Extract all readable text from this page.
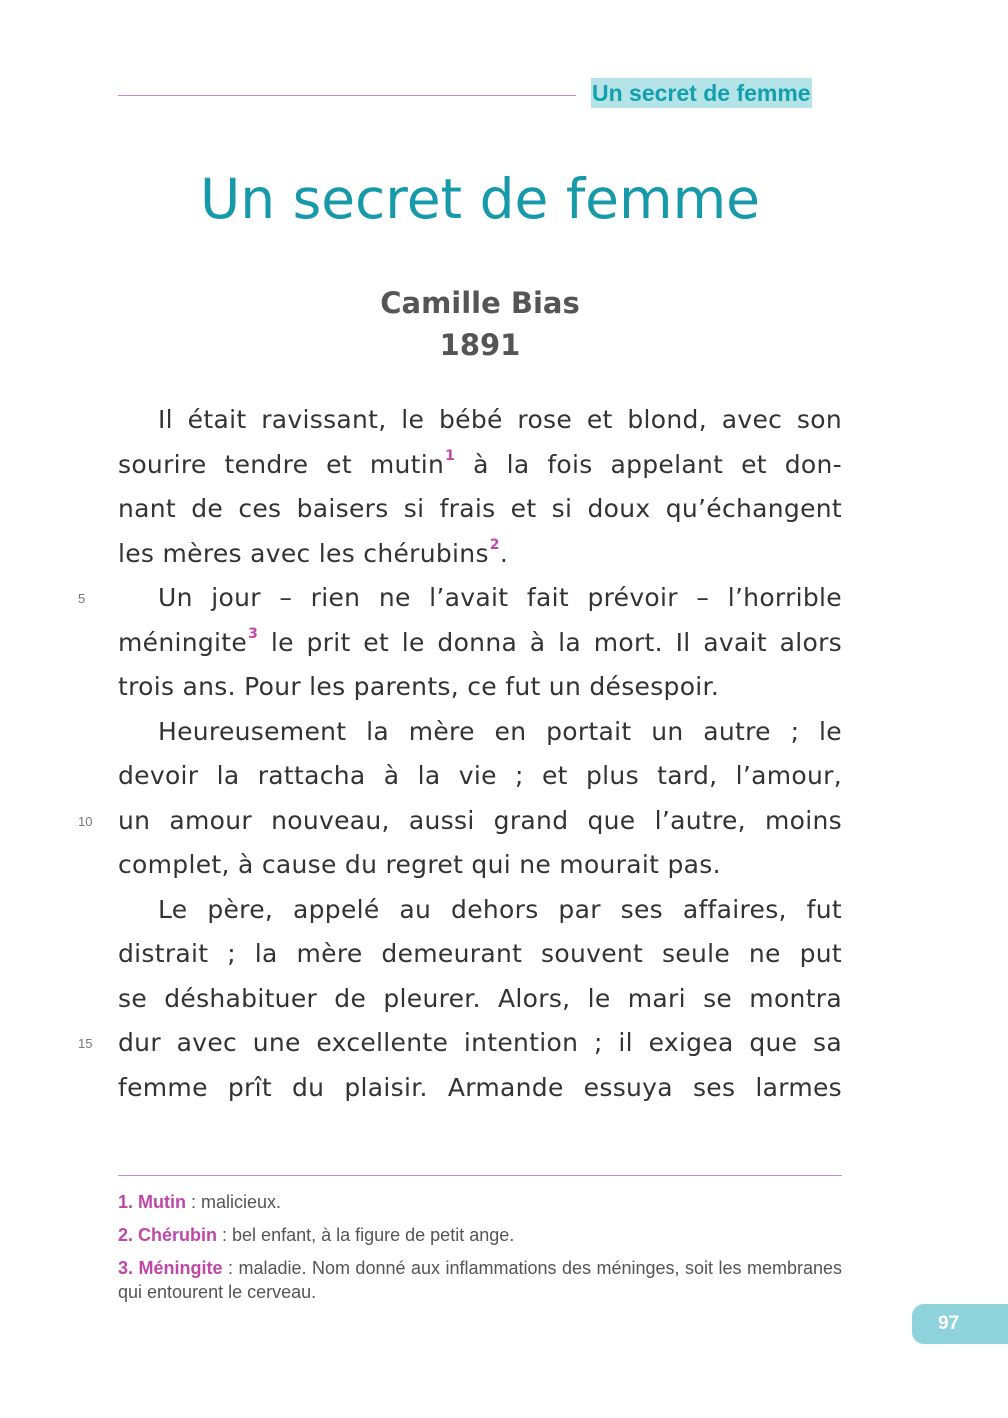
Un secret de femme
Un secret de femme
Camille Bias
1891
Il était ravissant, le bébé rose et blond, avec son
sourire tendre et mutin$^1$ à la fois appelant et don-
nant de ces baisers si frais et si doux qu’échangent
les mères avec les chérubins$^2$.
Un jour – rien ne l’avait fait prévoir – l’horrible
méningite$^3$ le prit et le donna à la mort. Il avait alors
trois ans. Pour les parents, ce fut un désespoir.
Heureusement la mère en portait un autre ; le
devoir la rattacha à la vie ; et plus tard, l’amour,
un amour nouveau, aussi grand que l’autre, moins
complet, à cause du regret qui ne mourait pas.
Le père, appelé au dehors par ses affaires, fut
distrait ; la mère demeurant souvent seule ne put
se déshabituer de pleurer. Alors, le mari se montra
dur avec une excellente intention ; il exigea que sa
femme prît du plaisir. Armande essuya ses larmes
5
10
15
1. Mutin : malicieux.
2. Chérubin : bel enfant, à la figure de petit ange.
3. Méningite : maladie. Nom donné aux inflammations des méninges, soit les membranes qui entourent le cerveau.
97
